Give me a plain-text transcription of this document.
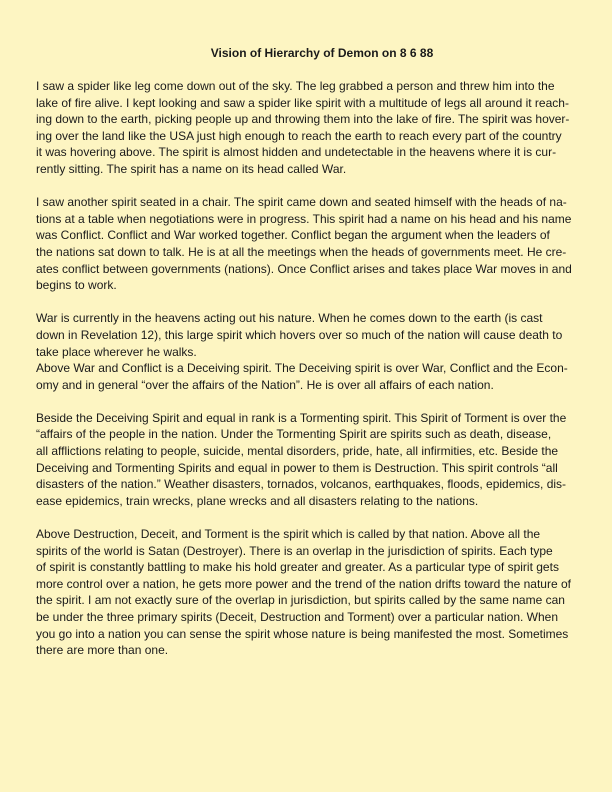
Vision of Hierarchy of Demon on 8 6 88
I saw a spider like leg come down out of the sky. The leg grabbed a person and threw him into the
lake of fire alive. I kept looking and saw a spider like spirit with a multitude of legs all around it reach-
ing down to the earth, picking people up and throwing them into the lake of fire. The spirit was hover-
ing over the land like the USA just high enough to reach the earth to reach every part of the country
it was hovering above. The spirit is almost hidden and undetectable in the heavens where it is cur-
rently sitting. The spirit has a name on its head called War.
I saw another spirit seated in a chair. The spirit came down and seated himself with the heads of na-
tions at a table when negotiations were in progress. This spirit had a name on his head and his name
was Conflict. Conflict and War worked together. Conflict began the argument when the leaders of
the nations sat down to talk. He is at all the meetings when the heads of governments meet. He cre-
ates conflict between governments (nations). Once Conflict arises and takes place War moves in and
begins to work.
War is currently in the heavens acting out his nature. When he comes down to the earth (is cast
down in Revelation 12), this large spirit which hovers over so much of the nation will cause death to
take place wherever he walks.
Above War and Conflict is a Deceiving spirit. The Deceiving spirit is over War, Conflict and the Econ-
omy and in general “over the affairs of the Nation”. He is over all affairs of each nation.
Beside the Deceiving Spirit and equal in rank is a Tormenting spirit. This Spirit of Torment is over the
“affairs of the people in the nation. Under the Tormenting Spirit are spirits such as death, disease,
all afflictions relating to people, suicide, mental disorders, pride, hate, all infirmities, etc. Beside the
Deceiving and Tormenting Spirits and equal in power to them is Destruction. This spirit controls “all
disasters of the nation.” Weather disasters, tornados, volcanos, earthquakes, floods, epidemics, dis-
ease epidemics, train wrecks, plane wrecks and all disasters relating to the nations.
Above Destruction, Deceit, and Torment is the spirit which is called by that nation. Above all the
spirits of the world is Satan (Destroyer). There is an overlap in the jurisdiction of spirits. Each type
of spirit is constantly battling to make his hold greater and greater. As a particular type of spirit gets
more control over a nation, he gets more power and the trend of the nation drifts toward the nature of
the spirit. I am not exactly sure of the overlap in jurisdiction, but spirits called by the same name can
be under the three primary spirits (Deceit, Destruction and Torment) over a particular nation. When
you go into a nation you can sense the spirit whose nature is being manifested the most. Sometimes
there are more than one.
